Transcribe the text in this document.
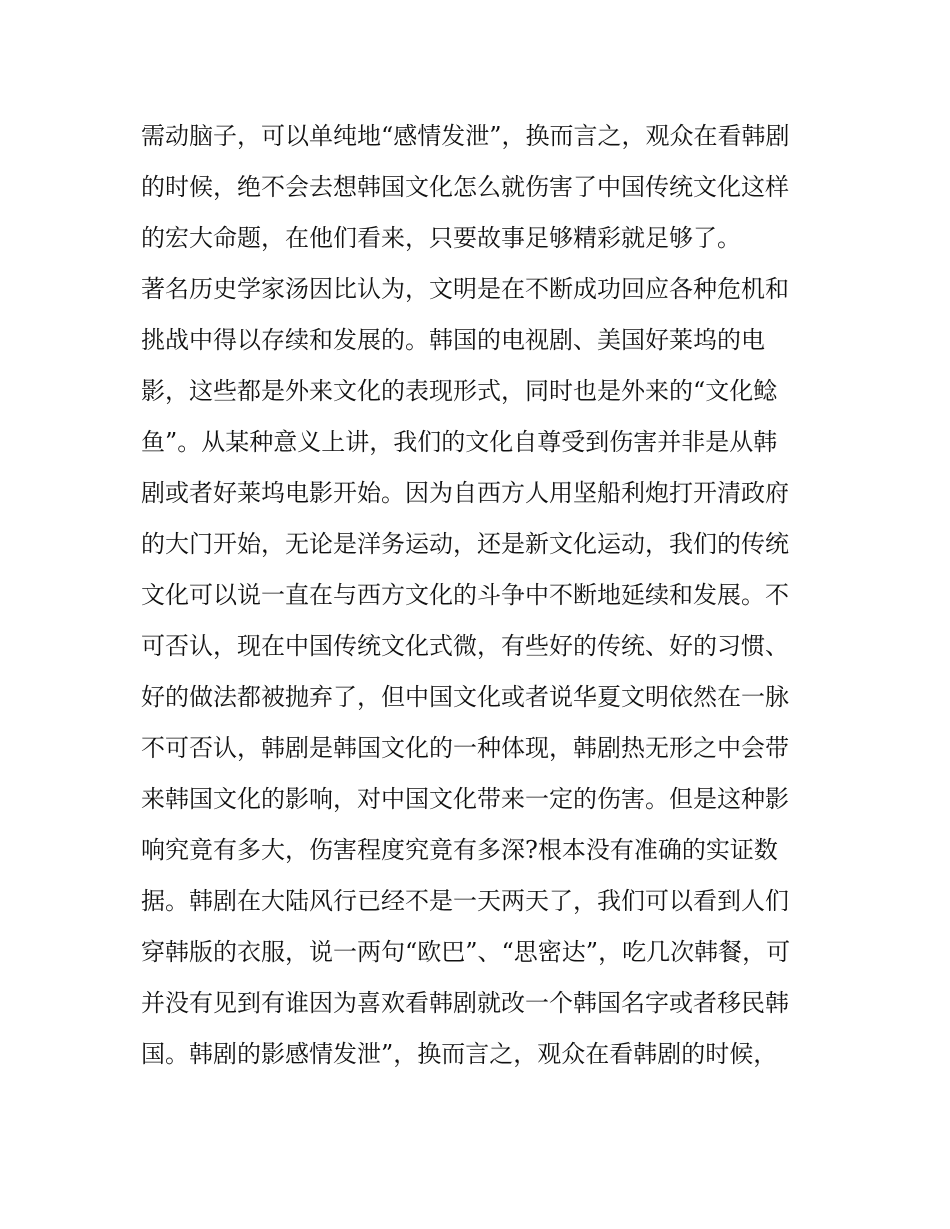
需动脑子，可以单纯地“感情发泄”，换而言之，观众在看韩剧
的时候，绝不会去想韩国文化怎么就伤害了中国传统文化这样
的宏大命题，在他们看来，只要故事足够精彩就足够了。
著名历史学家汤因比认为，文明是在不断成功回应各种危机和
挑战中得以存续和发展的。韩国的电视剧、美国好莱坞的电
影，这些都是外来文化的表现形式，同时也是外来的“文化鲶
鱼”。从某种意义上讲，我们的文化自尊受到伤害并非是从韩
剧或者好莱坞电影开始。因为自西方人用坚船利炮打开清政府
的大门开始，无论是洋务运动，还是新文化运动，我们的传统
文化可以说一直在与西方文化的斗争中不断地延续和发展。不
可否认，现在中国传统文化式微，有些好的传统、好的习惯、
好的做法都被抛弃了，但中国文化或者说华夏文明依然在一脉
不可否认，韩剧是韩国文化的一种体现，韩剧热无形之中会带
来韩国文化的影响，对中国文化带来一定的伤害。但是这种影
响究竟有多大，伤害程度究竟有多深?根本没有准确的实证数
据。韩剧在大陆风行已经不是一天两天了，我们可以看到人们
穿韩版的衣服，说一两句“欧巴”、“思密达”，吃几次韩餐，可
并没有见到有谁因为喜欢看韩剧就改一个韩国名字或者移民韩
国。韩剧的影感情发泄”，换而言之，观众在看韩剧的时候，
